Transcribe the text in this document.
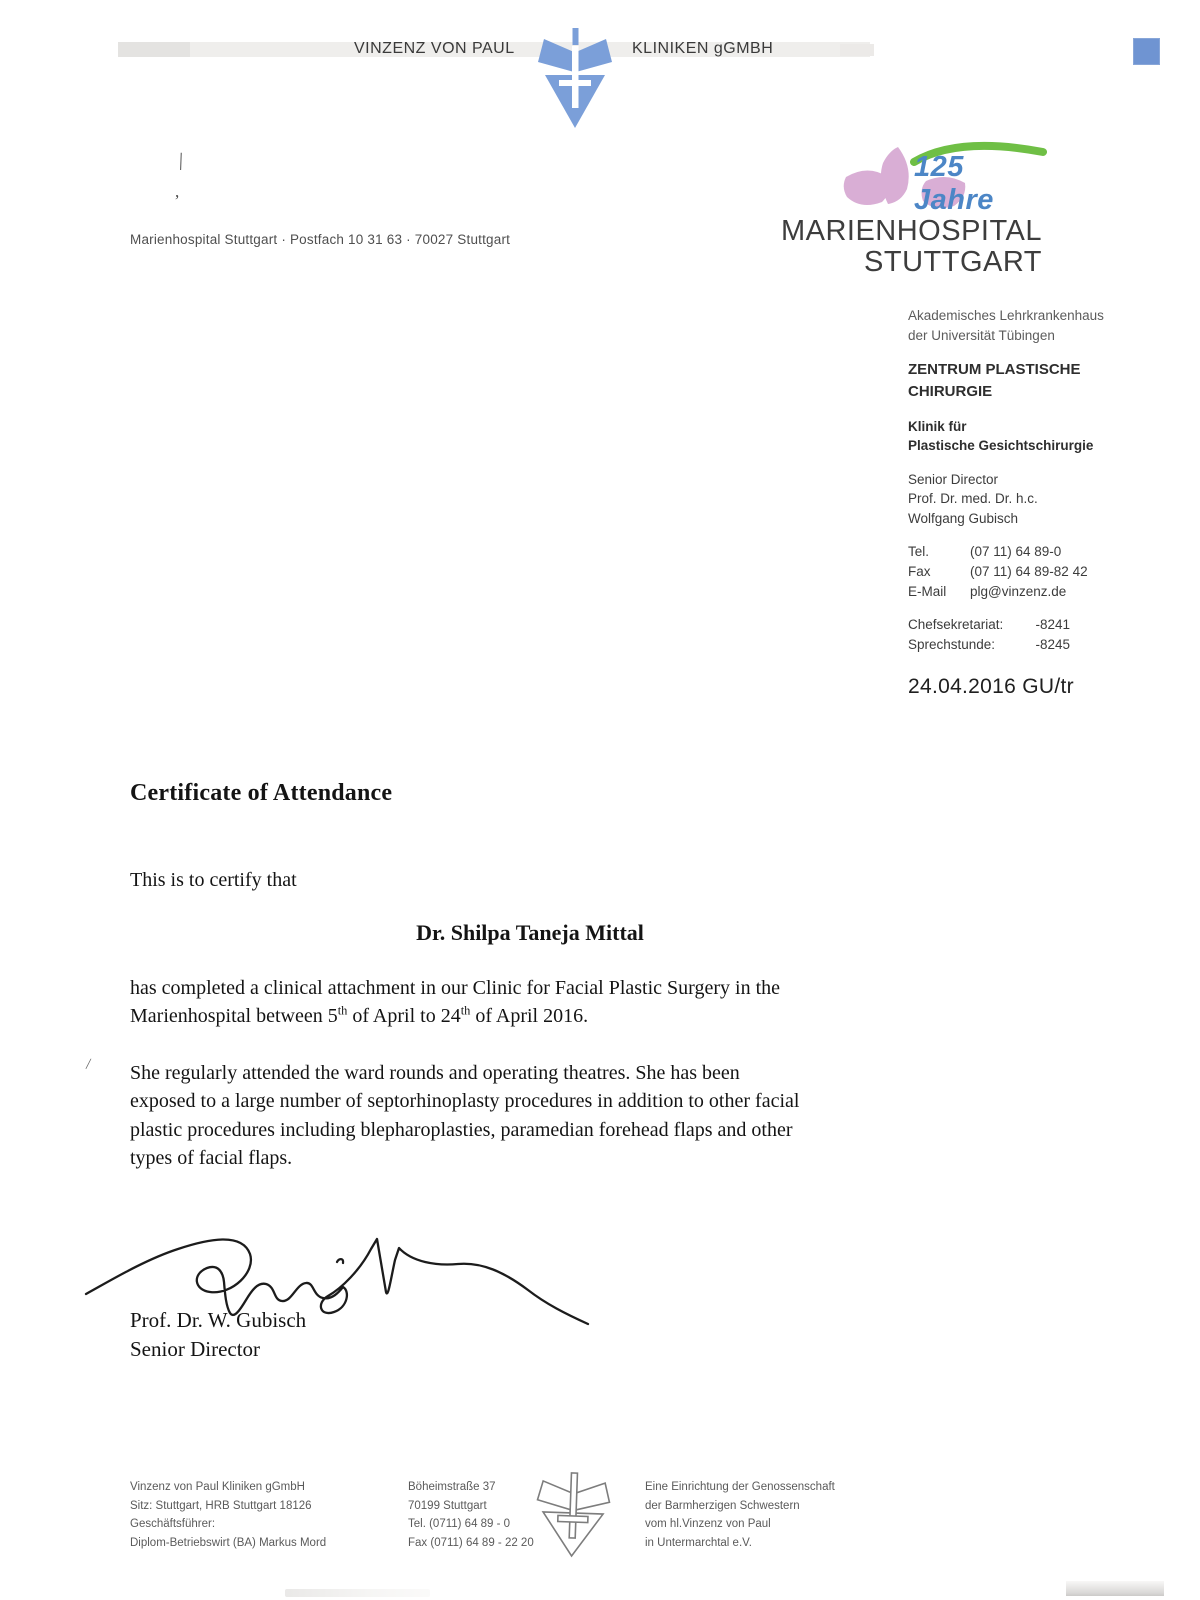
VINZENZ VON PAUL	KLINIKEN gGMBH
|
,
/
Marienhospital Stuttgart · Postfach 10 31 63 · 70027 Stuttgart
125 Jahre
MARIENHOSPITAL
STUTTGART
Akademisches Lehrkrankenhaus
der Universität Tübingen
ZENTRUM PLASTISCHE
CHIRURGIE
Klinik für
Plastische Gesichtschirurgie
Senior Director
Prof. Dr. med. Dr. h.c.
Wolfgang Gubisch
Tel.	(07 11) 64 89-0
Fax	(07 11) 64 89-82 42
E-Mail	plg@vinzenz.de
Chefsekretariat: -8241
Sprechstunde:	-8245
24.04.2016 GU/tr
Certificate of Attendance
This is to certify that
Dr. Shilpa Taneja Mittal
has completed a clinical attachment in our Clinic for Facial Plastic Surgery in the
Marienhospital between 5th of April to 24th of April 2016.
She regularly attended the ward rounds and operating theatres. She has been
exposed to a large number of septorhinoplasty procedures in addition to other facial
plastic procedures including blepharoplasties, paramedian forehead flaps and other
types of facial flaps.
Prof. Dr. W. Gubisch
Senior Director
Vinzenz von Paul Kliniken gGmbH
Sitz: Stuttgart, HRB Stuttgart 18126
Geschäftsführer:
Diplom-Betriebswirt (BA) Markus Mord
Böheimstraße 37
70199 Stuttgart
Tel. (0711) 64 89 - 0
Fax (0711) 64 89 - 22 20
Eine Einrichtung der Genossenschaft
der Barmherzigen Schwestern
vom hl.Vinzenz von Paul
in Untermarchtal e.V.
